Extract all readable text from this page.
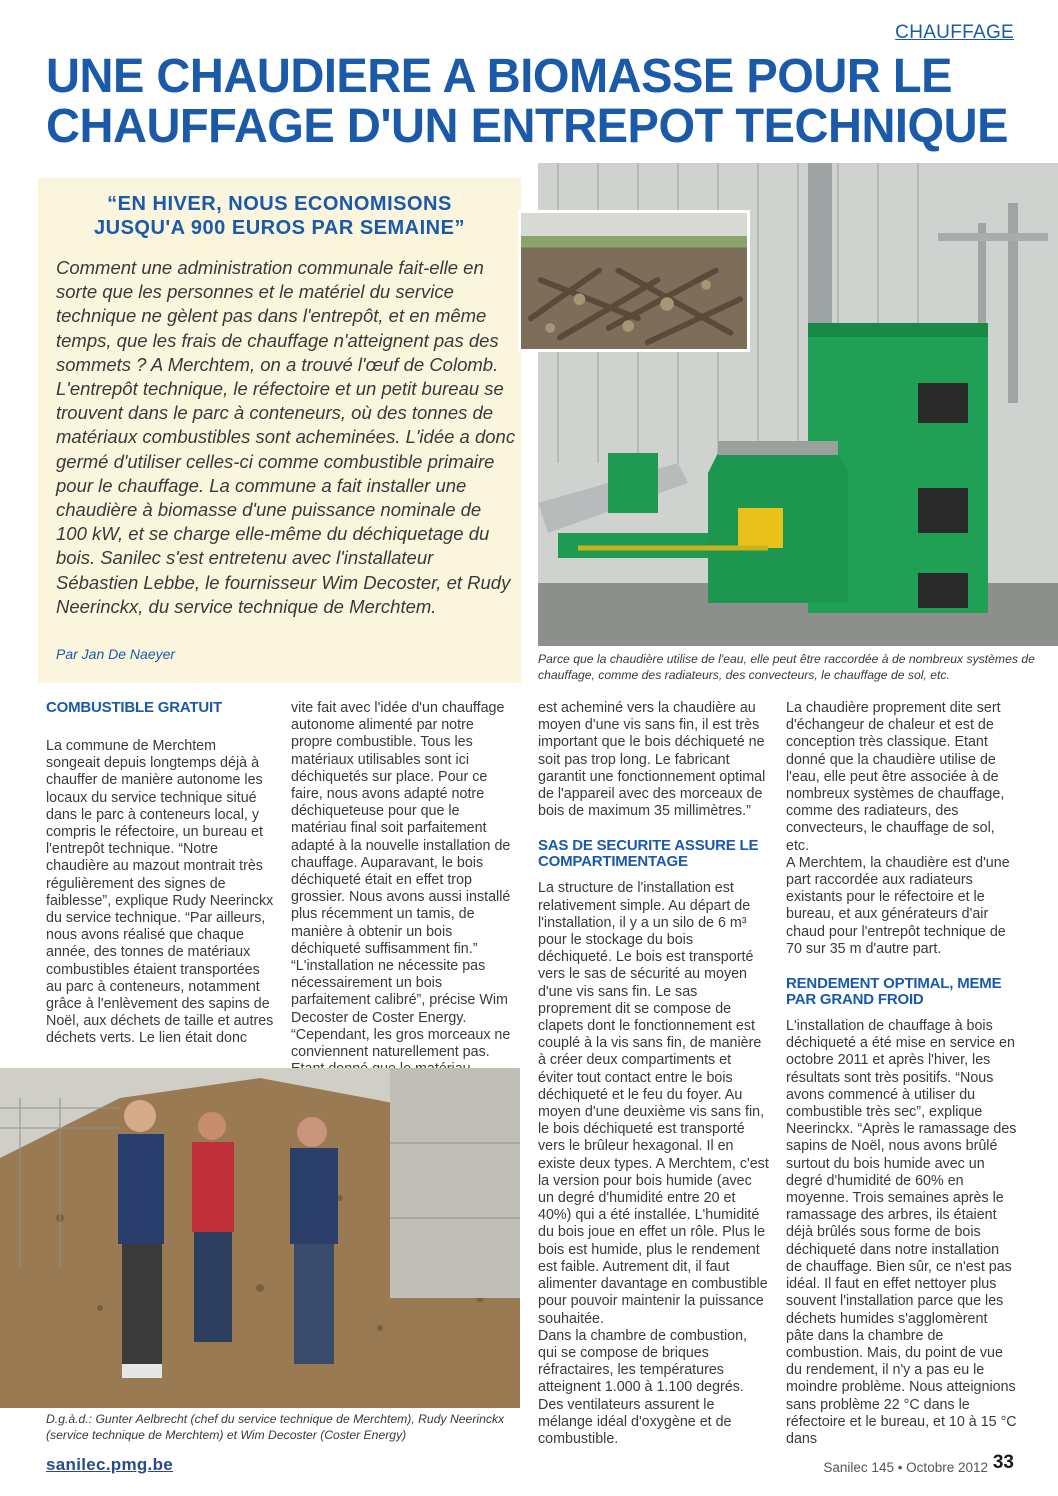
CHAUFFAGE
UNE CHAUDIERE A BIOMASSE POUR LE
CHAUFFAGE D'UN ENTREPOT TECHNIQUE
“EN HIVER, NOUS ECONOMISONS
JUSQU'A 900 EUROS PAR SEMAINE”

Comment une administration communale fait-elle en sorte que les personnes et le matériel du service technique ne gèlent pas dans l'entrepôt, et en même temps, que les frais de chauffage n'atteignent pas des sommets ? A Merchtem, on a trouvé l'œuf de Colomb. L'entrepôt technique, le réfectoire et un petit bureau se trouvent dans le parc à conteneurs, où des tonnes de matériaux combustibles sont acheminées. L'idée a donc germé d'utiliser celles-ci comme combustible primaire pour le chauffage. La commune a fait installer une chaudière à biomasse d'une puissance nominale de 100 kW, et se charge elle-même du déchiquetage du bois. Sanilec s'est entretenu avec l'installateur Sébastien Lebbe, le fournisseur Wim Decoster, et Rudy Neerinckx, du service technique de Merchtem.

Par Jan De Naeyer	Parce que la chaudière utilise de l'eau, elle peut être raccordée à de nombreux systèmes de chauffage, comme des radiateurs, des convecteurs, le chauffage de sol, etc.
COMBUSTIBLE GRATUIT

La commune de Merchtem songeait depuis longtemps déjà à chauffer de manière autonome les locaux du service technique situé dans le parc à conteneurs local, y compris le réfectoire, un bureau et l'entrepôt technique. “Notre chaudière au mazout montrait très régulièrement des signes de faiblesse”, explique Rudy Neerinckx du service technique. “Par ailleurs, nous avons réalisé que chaque année, des tonnes de matériaux combustibles étaient transportées au parc à conteneurs, notamment grâce à l'enlèvement des sapins de Noël, aux déchets de taille et autres déchets verts. Le lien était donc

vite fait avec l'idée d'un chauffage autonome alimenté par notre propre combustible. Tous les matériaux utilisables sont ici déchiquetés sur place. Pour ce faire, nous avons adapté notre déchiqueteuse pour que le matériau final soit parfaitement adapté à la nouvelle installation de chauffage. Auparavant, le bois déchiqueté était en effet trop grossier. Nous avons aussi installé plus récemment un tamis, de manière à obtenir un bois déchiqueté suffisamment fin.” “L'installation ne nécessite pas nécessairement un bois parfaitement calibré”, précise Wim Decoster de Coster Energy. “Cependant, les gros morceaux ne conviennent naturellement pas.

est acheminé vers la chaudière au moyen d'une vis sans fin, il est très important que le bois déchiqueté ne soit pas trop long. Le fabricant garantit une fonctionnement optimal de l'appareil avec des morceaux de bois de maximum 35 millimètres.”

SAS DE SECURITE ASSURE LE COMPARTIMENTAGE

La structure de l'installation est relativement simple. Au départ de l'installation, il y a un silo de 6 m³ pour le stockage du bois déchiqueté. Le bois est transporté vers le sas de sécurité au moyen d'une vis sans fin. Le sas proprement dit se compose de clapets dont le fonctionnement est couplé à la vis sans fin, de manière à créer deux compartiments et éviter tout contact entre le bois déchiqueté et le feu du foyer. Au moyen d'une deuxième vis sans fin, le bois déchiqueté est transporté vers le brûleur hexagonal. Il en existe deux types. A Merchtem, c'est la version pour bois humide (avec un degré d'humidité entre 20 et 40%) qui a été installée. L'humidité du bois joue en effet un rôle. Plus le bois est humide, plus le rendement est faible. Autrement dit, il faut alimenter davantage en combustible pour pouvoir maintenir la puissance souhaitée.

Dans la chambre de combustion, qui se compose de briques réfractaires, les températures atteignent 1.000 à 1.100 degrés. Des ventilateurs assurent le mélange idéal d'oxygène et de combustible.

La chaudière proprement dite sert d'échangeur de chaleur et est de conception très classique. Etant donné que la chaudière utilise de l'eau, elle peut être associée à de nombreux systèmes de chauffage, comme des radiateurs, des convecteurs, le chauffage de sol, etc.

A Merchtem, la chaudière est d'une part raccordée aux radiateurs existants pour le réfectoire et le bureau, et aux générateurs d'air chaud pour l'entrepôt technique de 70 sur 35 m d'autre part.

RENDEMENT OPTIMAL, MEME PAR GRAND FROID

L'installation de chauffage à bois déchiqueté a été mise en service en octobre 2011 et après l'hiver, les résultats sont très positifs. “Nous avons commencé à utiliser du combustible très sec”, explique Neerinckx. “Après le ramassage des sapins de Noël, nous avons brûlé surtout du bois humide avec un degré d'humidité de 60% en moyenne. Trois semaines après le ramassage des arbres, ils étaient déjà brûlés sous forme de bois déchiqueté dans notre installation de chauffage. Bien sûr, ce n'est pas idéal. Il faut en effet nettoyer plus souvent l'installation parce que les déchets humides s'agglomèrent pâte dans la chambre de combustion. Mais, du point de vue du rendement, il n'y a pas eu le moindre problème. Nous atteignions sans problème 22 °C dans le réfectoire et le bureau, et 10 à 15 °C dans

D.g.à.d.: Gunter Aelbrecht (chef du service technique de Merchtem), Rudy Neerinckx (service technique de Merchtem) et Wim Decoster (Coster Energy)
sanilec.pmg.be	Sanilec 145 • Octobre 2012 33
